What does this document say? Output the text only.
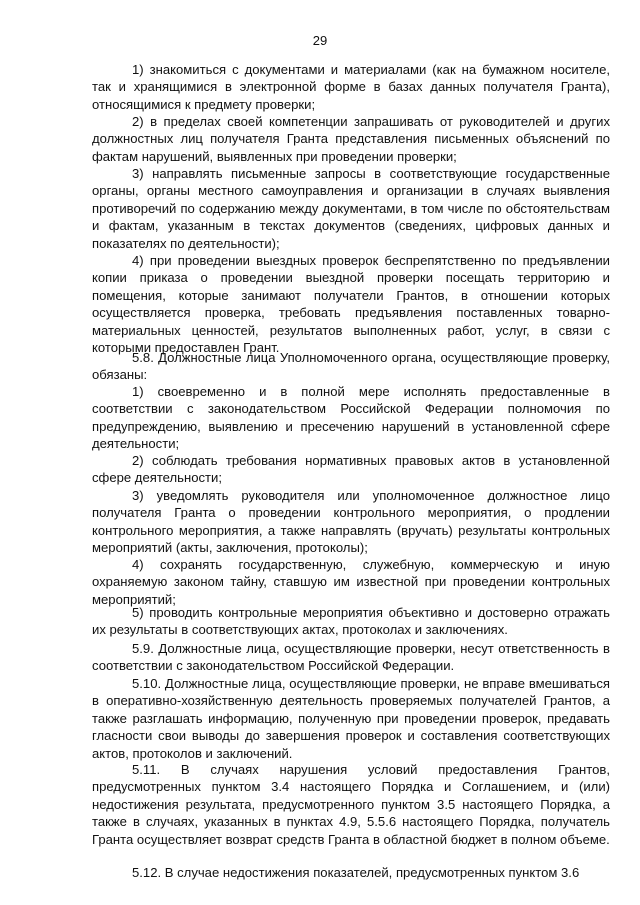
29

1) знакомиться с документами и материалами (как на бумажном носителе, так и хранящимися в электронной форме в базах данных получателя Гранта), относящимися к предмету проверки;

2) в пределах своей компетенции запрашивать от руководителей и других должностных лиц получателя Гранта представления письменных объяснений по фактам нарушений, выявленных при проведении проверки;

3) направлять письменные запросы в соответствующие государственные органы, органы местного самоуправления и организации в случаях выявления противоречий по содержанию между документами, в том числе по обстоятельствам и фактам, указанным в текстах документов (сведениях, цифровых данных и показателях по деятельности);

4) при проведении выездных проверок беспрепятственно по предъявлении копии приказа о проведении выездной проверки посещать территорию и помещения, которые занимают получатели Грантов, в отношении которых осуществляется проверка, требовать предъявления поставленных товарно-материальных ценностей, результатов выполненных работ, услуг, в связи с которыми предоставлен Грант.

5.8. Должностные лица Уполномоченного органа, осуществляющие проверку, обязаны:

1) своевременно и в полной мере исполнять предоставленные в соответствии с законодательством Российской Федерации полномочия по предупреждению, выявлению и пресечению нарушений в установленной сфере деятельности;

2) соблюдать требования нормативных правовых актов в установленной сфере деятельности;

3) уведомлять руководителя или уполномоченное должностное лицо получателя Гранта о проведении контрольного мероприятия, о продлении контрольного мероприятия, а также направлять (вручать) результаты контрольных мероприятий (акты, заключения, протоколы);

4) сохранять государственную, служебную, коммерческую и иную охраняемую законом тайну, ставшую им известной при проведении контрольных мероприятий;

5) проводить контрольные мероприятия объективно и достоверно отражать их результаты в соответствующих актах, протоколах и заключениях.

5.9. Должностные лица, осуществляющие проверки, несут ответственность в соответствии с законодательством Российской Федерации.

5.10. Должностные лица, осуществляющие проверки, не вправе вмешиваться в оперативно-хозяйственную деятельность проверяемых получателей Грантов, а также разглашать информацию, полученную при проведении проверок, предавать гласности свои выводы до завершения проверок и составления соответствующих актов, протоколов и заключений.

5.11. В случаях нарушения условий предоставления Грантов, предусмотренных пунктом 3.4 настоящего Порядка и Соглашением, и (или) недостижения результата, предусмотренного пунктом 3.5 настоящего Порядка, а также в случаях, указанных в пунктах 4.9, 5.5.6 настоящего Порядка, получатель Гранта осуществляет возврат средств Гранта в областной бюджет в полном объеме.

5.12. В случае недостижения показателей, предусмотренных пунктом 3.6
